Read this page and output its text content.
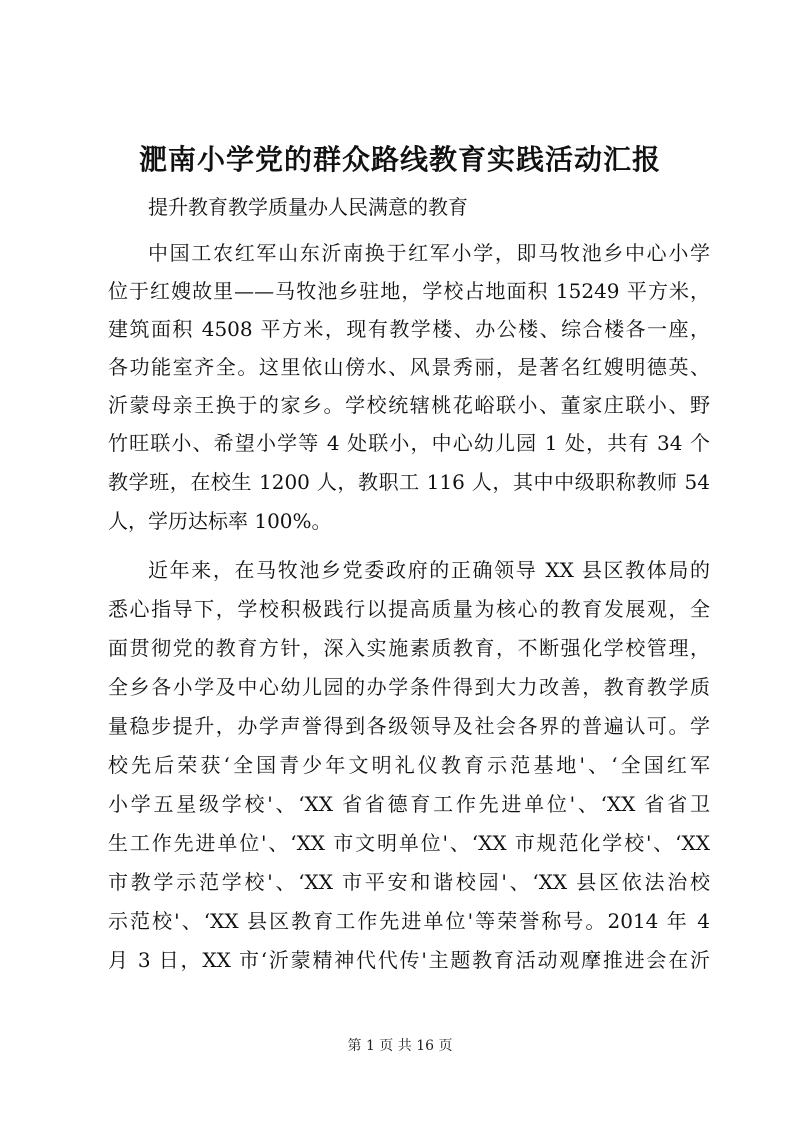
淝南小学党的群众路线教育实践活动汇报
提升教育教学质量办人民满意的教育
中国工农红军山东沂南换于红军小学，即马牧池乡中心小学
位于红嫂故里——马牧池乡驻地，学校占地面积 15249 平方米，
建筑面积 4508 平方米，现有教学楼、办公楼、综合楼各一座，
各功能室齐全。这里依山傍水、风景秀丽，是著名红嫂明德英、
沂蒙母亲王换于的家乡。学校统辖桃花峪联小、董家庄联小、野
竹旺联小、希望小学等 4 处联小，中心幼儿园 1 处，共有 34 个
教学班，在校生 1200 人，教职工 116 人，其中中级职称教师 54
人，学历达标率 100%。
近年来，在马牧池乡党委政府的正确领导 XX 县区教体局的
悉心指导下，学校积极践行以提高质量为核心的教育发展观，全
面贯彻党的教育方针，深入实施素质教育，不断强化学校管理，
全乡各小学及中心幼儿园的办学条件得到大力改善，教育教学质
量稳步提升，办学声誉得到各级领导及社会各界的普遍认可。学
校先后荣获‘全国青少年文明礼仪教育示范基地'、‘全国红军
小学五星级学校'、‘XX 省省德育工作先进单位'、‘XX 省省卫
生工作先进单位'、‘XX 市文明单位'、‘XX 市规范化学校'、‘XX
市教学示范学校'、‘XX 市平安和谐校园'、‘XX 县区依法治校
示范校'、‘XX 县区教育工作先进单位'等荣誉称号。2014 年 4
月 3 日，XX 市‘沂蒙精神代代传'主题教育活动观摩推进会在沂
第 1 页 共 16 页
